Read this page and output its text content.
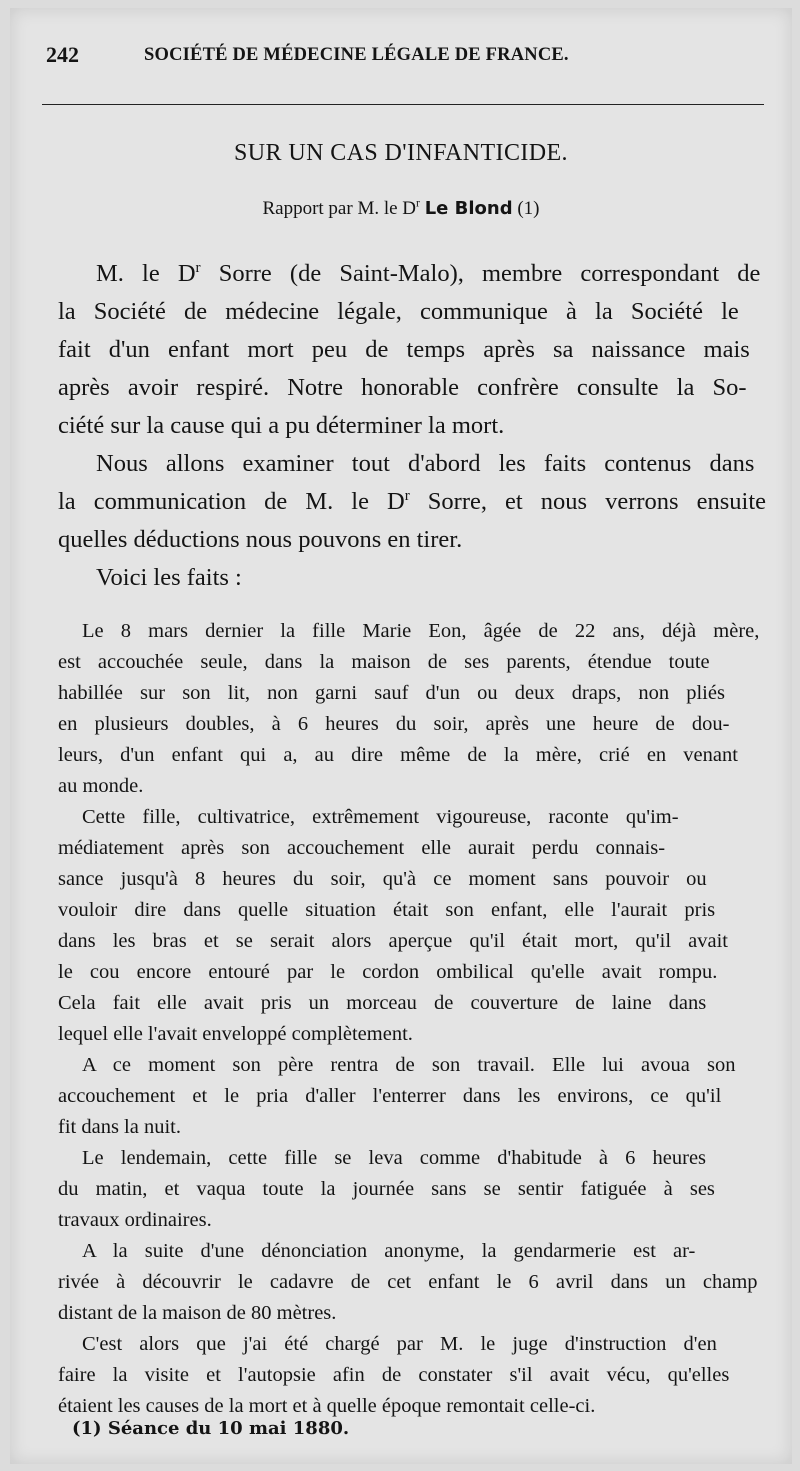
242	SOCIÉTÉ DE MÉDECINE LÉGALE DE FRANCE.
SUR UN CAS D'INFANTICIDE.
Rapport par M. le $D^r$ Le Blond (1)
M. le $D^r$ Sorre (de Saint-Malo), membre correspondant de
la Société de médecine légale, communique à la Société le
fait d'un enfant mort peu de temps après sa naissance mais
après avoir respiré. Notre honorable confrère consulte la So-
ciété sur la cause qui a pu déterminer la mort.
Nous allons examiner tout d'abord les faits contenus dans
la communication de M. le $D^r$ Sorre, et nous verrons ensuite
quelles déductions nous pouvons en tirer.
Voici les faits :
Le 8 mars dernier la fille Marie Eon, âgée de 22 ans, déjà mère,
est accouchée seule, dans la maison de ses parents, étendue toute
habillée sur son lit, non garni sauf d'un ou deux draps, non pliés
en plusieurs doubles, à 6 heures du soir, après une heure de dou-
leurs, d'un enfant qui a, au dire même de la mère, crié en venant
au monde.
Cette fille, cultivatrice, extrêmement vigoureuse, raconte qu'im-
médiatement après son accouchement elle aurait perdu connais-
sance jusqu'à 8 heures du soir, qu'à ce moment sans pouvoir ou
vouloir dire dans quelle situation était son enfant, elle l'aurait pris
dans les bras et se serait alors aperçue qu'il était mort, qu'il avait
le cou encore entouré par le cordon ombilical qu'elle avait rompu.
Cela fait elle avait pris un morceau de couverture de laine dans
lequel elle l'avait enveloppé complètement.
A ce moment son père rentra de son travail. Elle lui avoua son
accouchement et le pria d'aller l'enterrer dans les environs, ce qu'il
fit dans la nuit.
Le lendemain, cette fille se leva comme d'habitude à 6 heures
du matin, et vaqua toute la journée sans se sentir fatiguée à ses
travaux ordinaires.
A la suite d'une dénonciation anonyme, la gendarmerie est ar-
rivée à découvrir le cadavre de cet enfant le 6 avril dans un champ
distant de la maison de 80 mètres.
C'est alors que j'ai été chargé par M. le juge d'instruction d'en
faire la visite et l'autopsie afin de constater s'il avait vécu, qu'elles
étaient les causes de la mort et à quelle époque remontait celle-ci.
(1) Séance du 10 mai 1880.
